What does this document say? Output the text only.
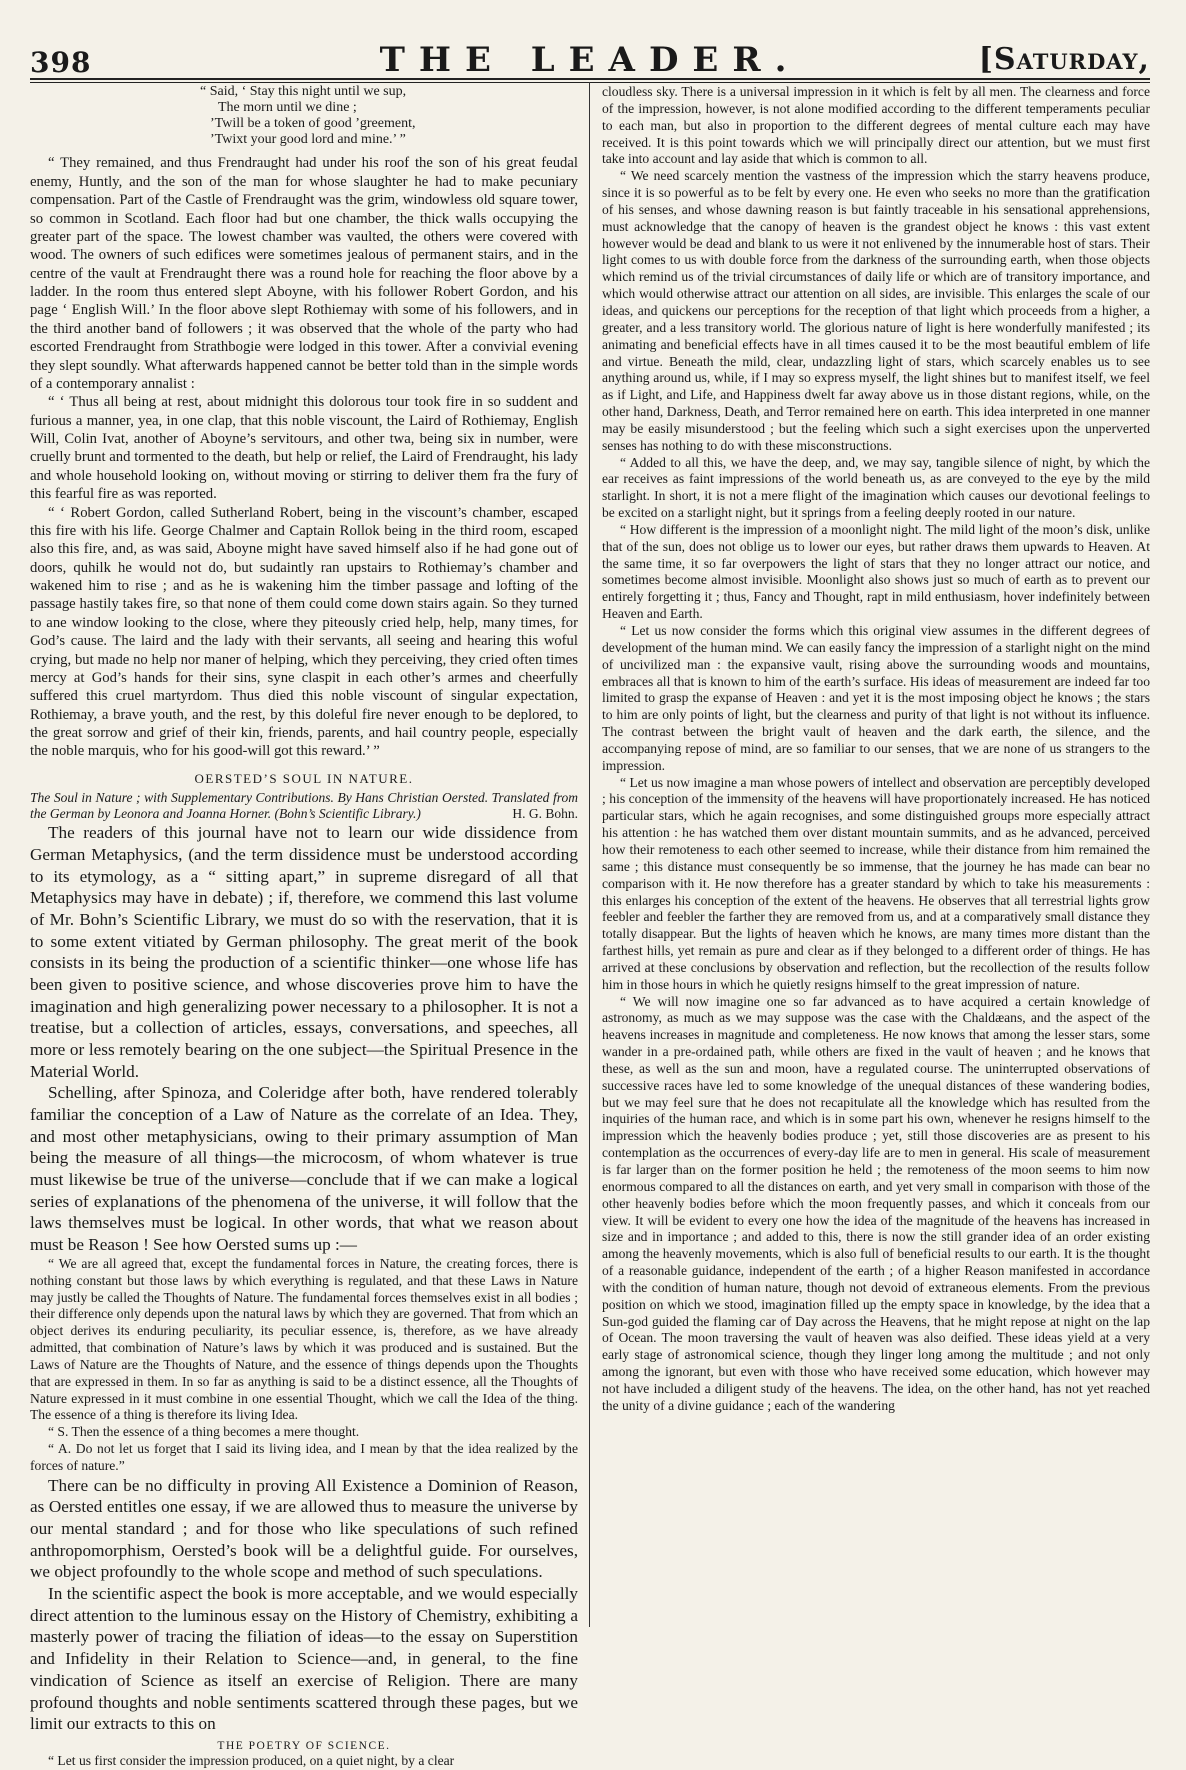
398	THE LEADER.	[Saturday,
“ Said, ‘ Stay this night until we sup,
The morn until we dine ;
’Twill be a token of good ’greement,
’Twixt your good lord and mine.’ ”

“ They remained, and thus Frendraught had under his roof the son of his great feudal enemy, Huntly, and the son of the man for whose slaughter he had to make pecuniary compensation. Part of the Castle of Frendraught was the grim, windowless old square tower, so common in Scotland. Each floor had but one chamber, the thick walls occupying the greater part of the space. The lowest chamber was vaulted, the others were covered with wood. The owners of such edifices were sometimes jealous of permanent stairs, and in the centre of the vault at Frendraught there was a round hole for reaching the floor above by a ladder. In the room thus entered slept Aboyne, with his follower Robert Gordon, and his page ‘ English Will.’ In the floor above slept Rothiemay with some of his followers, and in the third another band of followers ; it was observed that the whole of the party who had escorted Frendraught from Strathbogie were lodged in this tower. After a convivial evening they slept soundly. What afterwards happened cannot be better told than in the simple words of a contemporary annalist :

“ ‘ Thus all being at rest, about midnight this dolorous tour took fire in so suddent and furious a manner, yea, in one clap, that this noble viscount, the Laird of Rothiemay, English Will, Colin Ivat, another of Aboyne’s servitours, and other twa, being six in number, were cruelly brunt and tormented to the death, but help or relief, the Laird of Frendraught, his lady and whole household looking on, without moving or stirring to deliver them fra the fury of this fearful fire as was reported.

“ ‘ Robert Gordon, called Sutherland Robert, being in the viscount’s chamber, escaped this fire with his life. George Chalmer and Captain Rollok being in the third room, escaped also this fire, and, as was said, Aboyne might have saved himself also if he had gone out of doors, quhilk he would not do, but sudaintly ran upstairs to Rothiemay’s chamber and wakened him to rise ; and as he is wakening him the timber passage and lofting of the passage hastily takes fire, so that none of them could come down stairs again. So they turned to ane window looking to the close, where they piteously cried help, help, many times, for God’s cause. The laird and the lady with their servants, all seeing and hearing this woful crying, but made no help nor maner of helping, which they perceiving, they cried often times mercy at God’s hands for their sins, syne claspit in each other’s armes and cheerfully suffered this cruel martyrdom. Thus died this noble viscount of singular expectation, Rothiemay, a brave youth, and the rest, by this doleful fire never enough to be deplored, to the great sorrow and grief of their kin, friends, parents, and hail country people, especially the noble marquis, who for his good-will got this reward.’ ”

OERSTED’S SOUL IN NATURE.

The Soul in Nature ; with Supplementary Contributions. By Hans Christian Oersted. Translated from the German by Leonora and Joanna Horner. (Bohn’s Scientific Library.)	H. G. Bohn.

The readers of this journal have not to learn our wide dissidence from German Metaphysics, (and the term dissidence must be understood according to its etymology, as a “ sitting apart,” in supreme disregard of all that Metaphysics may have in debate) ; if, therefore, we commend this last volume of Mr. Bohn’s Scientific Library, we must do so with the reservation, that it is to some extent vitiated by German philosophy. The great merit of the book consists in its being the production of a scientific thinker—one whose life has been given to positive science, and whose discoveries prove him to have the imagination and high generalizing power necessary to a philosopher. It is not a treatise, but a collection of articles, essays, conversations, and speeches, all more or less remotely bearing on the one subject—the Spiritual Presence in the Material World.

Schelling, after Spinoza, and Coleridge after both, have rendered tolerably familiar the conception of a Law of Nature as the correlate of an Idea. They, and most other metaphysicians, owing to their primary assumption of Man being the measure of all things—the microcosm, of whom whatever is true must likewise be true of the universe—conclude that if we can make a logical series of explanations of the phenomena of the universe, it will follow that the laws themselves must be logical. In other words, that what we reason about must be Reason ! See how Oersted sums up :—

“ We are all agreed that, except the fundamental forces in Nature, the creating forces, there is nothing constant but those laws by which everything is regulated, and that these Laws in Nature may justly be called the Thoughts of Nature. The fundamental forces themselves exist in all bodies ; their difference only depends upon the natural laws by which they are governed. That from which an object derives its enduring peculiarity, its peculiar essence, is, therefore, as we have already admitted, that combination of Nature’s laws by which it was produced and is sustained. But the Laws of Nature are the Thoughts of Nature, and the essence of things depends upon the Thoughts that are expressed in them. In so far as anything is said to be a distinct essence, all the Thoughts of Nature expressed in it must combine in one essential Thought, which we call the Idea of the thing. The essence of a thing is therefore its living Idea.

“ S. Then the essence of a thing becomes a mere thought.

“ A. Do not let us forget that I said its living idea, and I mean by that the idea realized by the forces of nature.”

There can be no difficulty in proving All Existence a Dominion of Reason, as Oersted entitles one essay, if we are allowed thus to measure the universe by our mental standard ; and for those who like speculations of such refined anthropomorphism, Oersted’s book will be a delightful guide. For ourselves, we object profoundly to the whole scope and method of such speculations.

In the scientific aspect the book is more acceptable, and we would especially direct attention to the luminous essay on the History of Chemistry, exhibiting a masterly power of tracing the filiation of ideas—to the essay on Superstition and Infidelity in their Relation to Science—and, in general, to the fine vindication of Science as itself an exercise of Religion. There are many profound thoughts and noble sentiments scattered through these pages, but we limit our extracts to this on

THE POETRY OF SCIENCE.

“ Let us first consider the impression produced, on a quiet night, by a clear

cloudless sky. There is a universal impression in it which is felt by all men. The clearness and force of the impression, however, is not alone modified according to the different temperaments peculiar to each man, but also in proportion to the different degrees of mental culture each may have received. It is this point towards which we will principally direct our attention, but we must first take into account and lay aside that which is common to all.

“ We need scarcely mention the vastness of the impression which the starry heavens produce, since it is so powerful as to be felt by every one. He even who seeks no more than the gratification of his senses, and whose dawning reason is but faintly traceable in his sensational apprehensions, must acknowledge that the canopy of heaven is the grandest object he knows : this vast extent however would be dead and blank to us were it not enlivened by the innumerable host of stars. Their light comes to us with double force from the darkness of the surrounding earth, when those objects which remind us of the trivial circumstances of daily life or which are of transitory importance, and which would otherwise attract our attention on all sides, are invisible. This enlarges the scale of our ideas, and quickens our perceptions for the reception of that light which proceeds from a higher, a greater, and a less transitory world. The glorious nature of light is here wonderfully manifested ; its animating and beneficial effects have in all times caused it to be the most beautiful emblem of life and virtue. Beneath the mild, clear, undazzling light of stars, which scarcely enables us to see anything around us, while, if I may so express myself, the light shines but to manifest itself, we feel as if Light, and Life, and Happiness dwelt far away above us in those distant regions, while, on the other hand, Darkness, Death, and Terror remained here on earth. This idea interpreted in one manner may be easily misunderstood ; but the feeling which such a sight exercises upon the unperverted senses has nothing to do with these misconstructions.

“ Added to all this, we have the deep, and, we may say, tangible silence of night, by which the ear receives as faint impressions of the world beneath us, as are conveyed to the eye by the mild starlight. In short, it is not a mere flight of the imagination which causes our devotional feelings to be excited on a starlight night, but it springs from a feeling deeply rooted in our nature.

“ How different is the impression of a moonlight night. The mild light of the moon’s disk, unlike that of the sun, does not oblige us to lower our eyes, but rather draws them upwards to Heaven. At the same time, it so far overpowers the light of stars that they no longer attract our notice, and sometimes become almost invisible. Moonlight also shows just so much of earth as to prevent our entirely forgetting it ; thus, Fancy and Thought, rapt in mild enthusiasm, hover indefinitely between Heaven and Earth.

“ Let us now consider the forms which this original view assumes in the different degrees of development of the human mind. We can easily fancy the impression of a starlight night on the mind of uncivilized man : the expansive vault, rising above the surrounding woods and mountains, embraces all that is known to him of the earth’s surface. His ideas of measurement are indeed far too limited to grasp the expanse of Heaven : and yet it is the most imposing object he knows ; the stars to him are only points of light, but the clearness and purity of that light is not without its influence. The contrast between the bright vault of heaven and the dark earth, the silence, and the accompanying repose of mind, are so familiar to our senses, that we are none of us strangers to the impression.

“ Let us now imagine a man whose powers of intellect and observation are perceptibly developed ; his conception of the immensity of the heavens will have proportionately increased. He has noticed particular stars, which he again recognises, and some distinguished groups more especially attract his attention : he has watched them over distant mountain summits, and as he advanced, perceived how their remoteness to each other seemed to increase, while their distance from him remained the same ; this distance must consequently be so immense, that the journey he has made can bear no comparison with it. He now therefore has a greater standard by which to take his measurements : this enlarges his conception of the extent of the heavens. He observes that all terrestrial lights grow feebler and feebler the farther they are removed from us, and at a comparatively small distance they totally disappear. But the lights of heaven which he knows, are many times more distant than the farthest hills, yet remain as pure and clear as if they belonged to a different order of things. He has arrived at these conclusions by observation and reflection, but the recollection of the results follow him in those hours in which he quietly resigns himself to the great impression of nature.

“ We will now imagine one so far advanced as to have acquired a certain knowledge of astronomy, as much as we may suppose was the case with the Chaldæans, and the aspect of the heavens increases in magnitude and completeness. He now knows that among the lesser stars, some wander in a pre-ordained path, while others are fixed in the vault of heaven ; and he knows that these, as well as the sun and moon, have a regulated course. The uninterrupted observations of successive races have led to some knowledge of the unequal distances of these wandering bodies, but we may feel sure that he does not recapitulate all the knowledge which has resulted from the inquiries of the human race, and which is in some part his own, whenever he resigns himself to the impression which the heavenly bodies produce ; yet, still those discoveries are as present to his contemplation as the occurrences of every-day life are to men in general. His scale of measurement is far larger than on the former position he held ; the remoteness of the moon seems to him now enormous compared to all the distances on earth, and yet very small in comparison with those of the other heavenly bodies before which the moon frequently passes, and which it conceals from our view. It will be evident to every one how the idea of the magnitude of the heavens has increased in size and in importance ; and added to this, there is now the still grander idea of an order existing among the heavenly movements, which is also full of beneficial results to our earth. It is the thought of a reasonable guidance, independent of the earth ; of a higher Reason manifested in accordance with the condition of human nature, though not devoid of extraneous elements. From the previous position on which we stood, imagination filled up the empty space in knowledge, by the idea that a Sun-god guided the flaming car of Day across the Heavens, that he might repose at night on the lap of Ocean. The moon traversing the vault of heaven was also deified. These ideas yield at a very early stage of astronomical science, though they linger long among the multitude ; and not only among the ignorant, but even with those who have received some education, which however may not have included a diligent study of the heavens. The idea, on the other hand, has not yet reached the unity of a divine guidance ; each of the wandering
